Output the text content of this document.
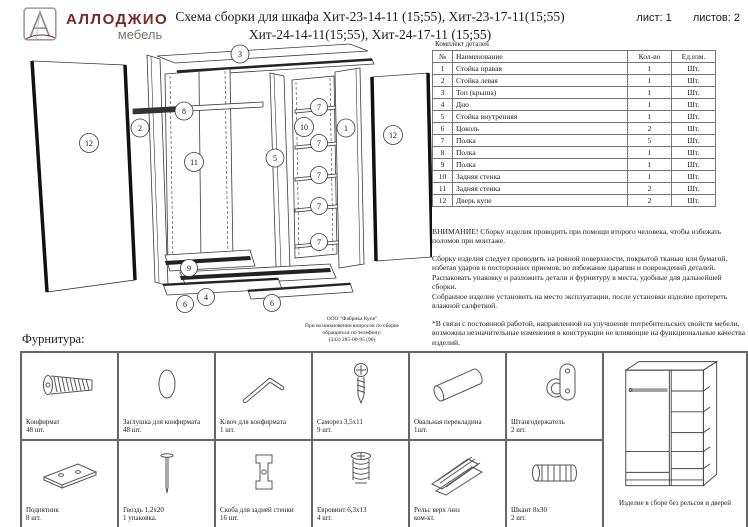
АЛЛОДЖИО
мебель
Схема сборки для шкафа Хит-23-14-11 (15;55), Хит-23-17-11(15;55)
Хит-24-14-11(15;55), Хит-24-17-11 (15;55)
лист: 1 листов: 2
3
12
2
8
11	5
10
7
7
7
7
7
1
12
9
6
4
6
ООО "Фабрика Купе"
При возникновении вопросов по сборке
обращаться по телефону:
(343) 285-00-95 (96)
Комплект деталей
№	Наименование	Кол-во	Ед.изм.
1	Стойка правая	1	Шт.
2	Стойка левая	1	Шт.
3	Топ (крыша)	1	Шт.
4	Дно	1	Шт.
5	Стойка внутренняя	1	Шт.
6	Цоколь	2	Шт.
7	Полка	5	Шт.
8	Полка	1	Шт.
9	Полка	1	Шт.
10	Задняя стенка	1	Шт.
11	Задняя стенка	2	Шт.
12	Дверь купе	2	Шт.
ВНИМАНИЕ! Сборку изделия проводить при помощи второго человека, чтобы избежать поломов при монтаже.
Сборку изделия следует проводить на ровной поверхности, покрытой тканью или бумагой, избегая ударов и посторонних приемов, во избежание царапин и повреждений деталей.
Распаковать упаковку и разложить детали и фурнитуру в места, удобные для дальнейшей сборки.
Собранное изделие установить на место эксплуатации, после установки изделие протереть влажной салфеткой.
*В связи с постоянной работой, направленной на улучшение потребительских свойств мебели, возможны незначительные изменения в конструкции не влияющие на функциональные качества изделий.
Фурнитура:
Конфирмат
48 шт.
Заглушка для конфирмата
48 шт.
Ключ для конфирмата
1 шт.
Саморез 3,5x11
9 шт.
Овальная перекладина
1шт.
Штангодержатель
2 шт.
Подпятник
8 шт.
Гвоздь 1,2x20
1 упаковка.
Скоба для задней стенки
16 шт.
Евровинт 6,3x13
4 шт.
Рельс верх /низ
ком-кт.
Шкант 8x30
2 шт.
Изделие в сборе без рельсов и дверей
